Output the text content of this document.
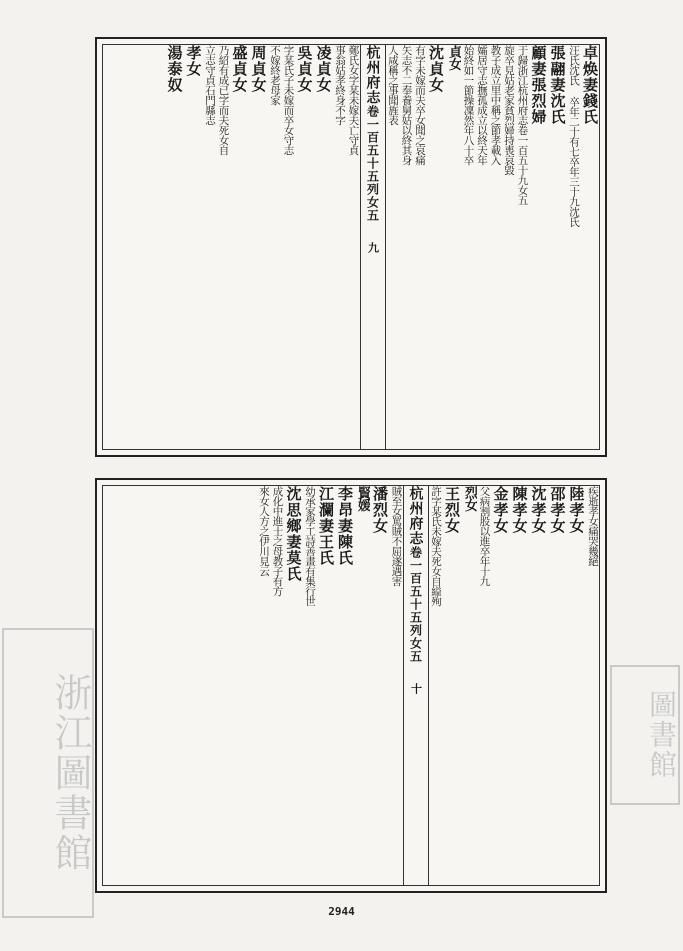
卓焕妻錢氏
汪氏沈氏 卒年二十有七卒年三十九沈氏
張翮妻沈氏
顧妻張烈婦
于歸浙江杭州府志卷一百五十九女五
旋卒見姑老家貧烈婦持喪哀毀
教子成立里中稱之節孝載入
孀居守志撫孤成立以終天年
始終如一節操凜然年八十卒
貞女
沈貞女
有字未嫁而夫卒女聞之哀痛
矢志不二奉養舅姑以終其身
人咸稱之事聞旌表
杭州府志卷一百五十五列女五九
鄭氏女字某未嫁夫亡守貞
事翁姑孝終身不字
凌貞女
吳貞女
字某氏子未嫁而卒女守志
不嫁終老母家
周貞女
盛貞女
乃紹有成已字而夫死女自
立志守貞石門縣志
孝女
湯泰奴
疾逝孝女痛哭幾絕
陸孝女
邵孝女
沈孝女
陳孝女
金孝女
父病割股以進卒年十九
烈女
王烈女
許字某氏未嫁夫死女自縊殉
杭州府志卷一百五十五列女五十
賊至女罵賊不屈遂遇害
潘烈女
賢媛
李昂妻陳氏
江瀾妻王氏
幼承家學工詩善畫有集行世
沈思鄉妻莫氏
成化中進士之母教子有方
來女人方之伊川見云
2944
浙江圖書館	圖書館
